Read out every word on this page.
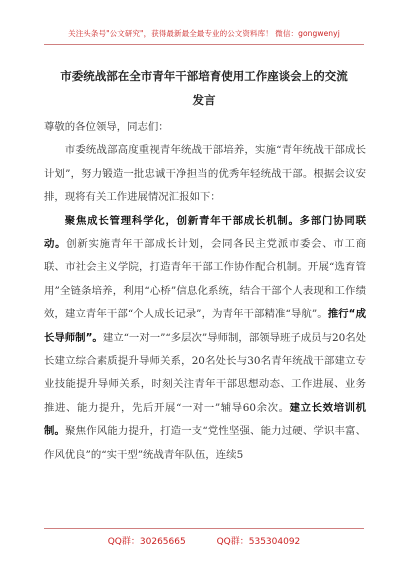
关注头条号"公文研究"，获得最新最全最专业的公文资料库！ 微信：gongwenyj
市委统战部在全市青年干部培育使用工作座谈会上的交流
发言

尊敬的各位领导，同志们：

市委统战部高度重视青年统战干部培养，实施“青年统战干部成长计划”，努力锻造一批忠诚干净担当的优秀年轻统战干部。根据会议安排，现将有关工作进展情况汇报如下：

聚焦成长管理科学化，创新青年干部成长机制。多部门协同联动。创新实施青年干部成长计划，会同各民主党派市委会、市工商联、市社会主义学院，打造青年干部工作协作配合机制。开展“选育管用”全链条培养，利用“心桥”信息化系统，结合干部个人表现和工作绩效，建立青年干部“个人成长记录”，为青年干部精准“导航”。推行“成长导师制”。建立“一对一”“多层次”导师制，部领导班子成员与20名处长建立综合素质提升导师关系，20名处长与30名青年统战干部建立专业技能提升导师关系，时刻关注青年干部思想动态、工作进展、业务推进、能力提升，先后开展“一对一”辅导60余次。建立长效培训机制。聚焦作风能力提升，打造一支“党性坚强、能力过硬、学识丰富、作风优良”的“实干型”统战青年队伍，连续5

QQ群：30265665	QQ群：535304092
